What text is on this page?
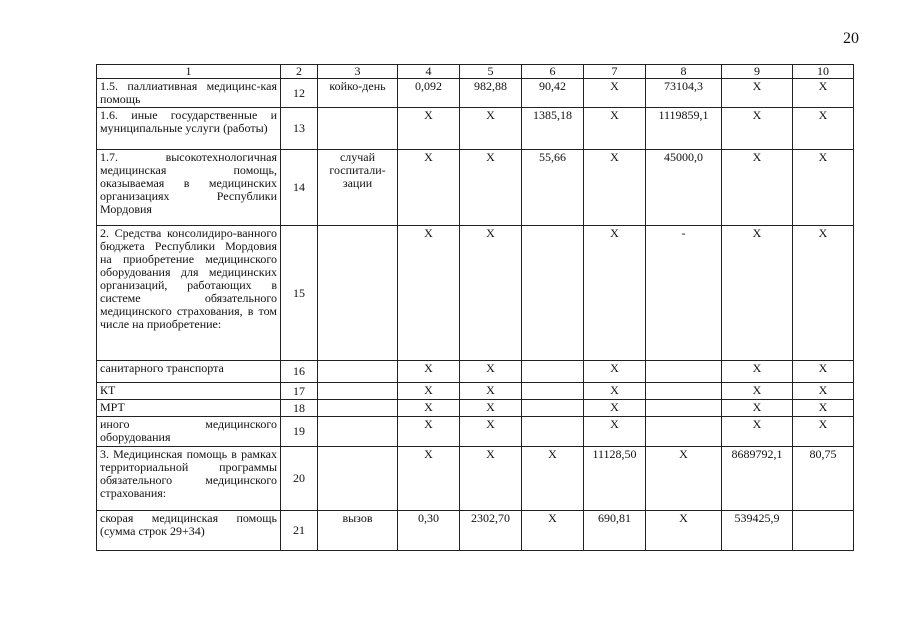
20
1	2	3	4	5	6	7	8	9	10
1.5. паллиативная медицинс-кая помощь	12	койко-день	0,092	982,88	90,42	Х	73104,3	Х	Х
1.6. иные государственные и муниципальные услуги (работы)	13		Х	Х	1385,18	Х	1119859,1	Х	Х
1.7. высокотехнологичная медицинская помощь, оказываемая в медицинских организациях Республики Мордовия	14	случай госпитали-зации	Х	Х	55,66	Х	45000,0	Х	Х
2. Средства консолидиро-ванного бюджета Республики Мордовия на приобретение медицинского оборудования для медицинских организаций, работающих в системе обязательного медицинского страхования, в том числе на приобретение:	15		Х	Х		Х	-	Х	Х
санитарного транспорта	16		Х	Х		Х		Х	Х
КТ	17		Х	Х		Х		Х	Х
МРТ	18		Х	Х		Х		Х	Х
иного медицинского оборудования	19		Х	Х		Х		Х	Х
3. Медицинская помощь в рамках территориальной программы обязательного медицинского страхования:	20		Х	Х	Х	11128,50	Х	8689792,1	80,75
скорая медицинская помощь (сумма строк 29+34)	21	вызов	0,30	2302,70	Х	690,81	Х	539425,9	
